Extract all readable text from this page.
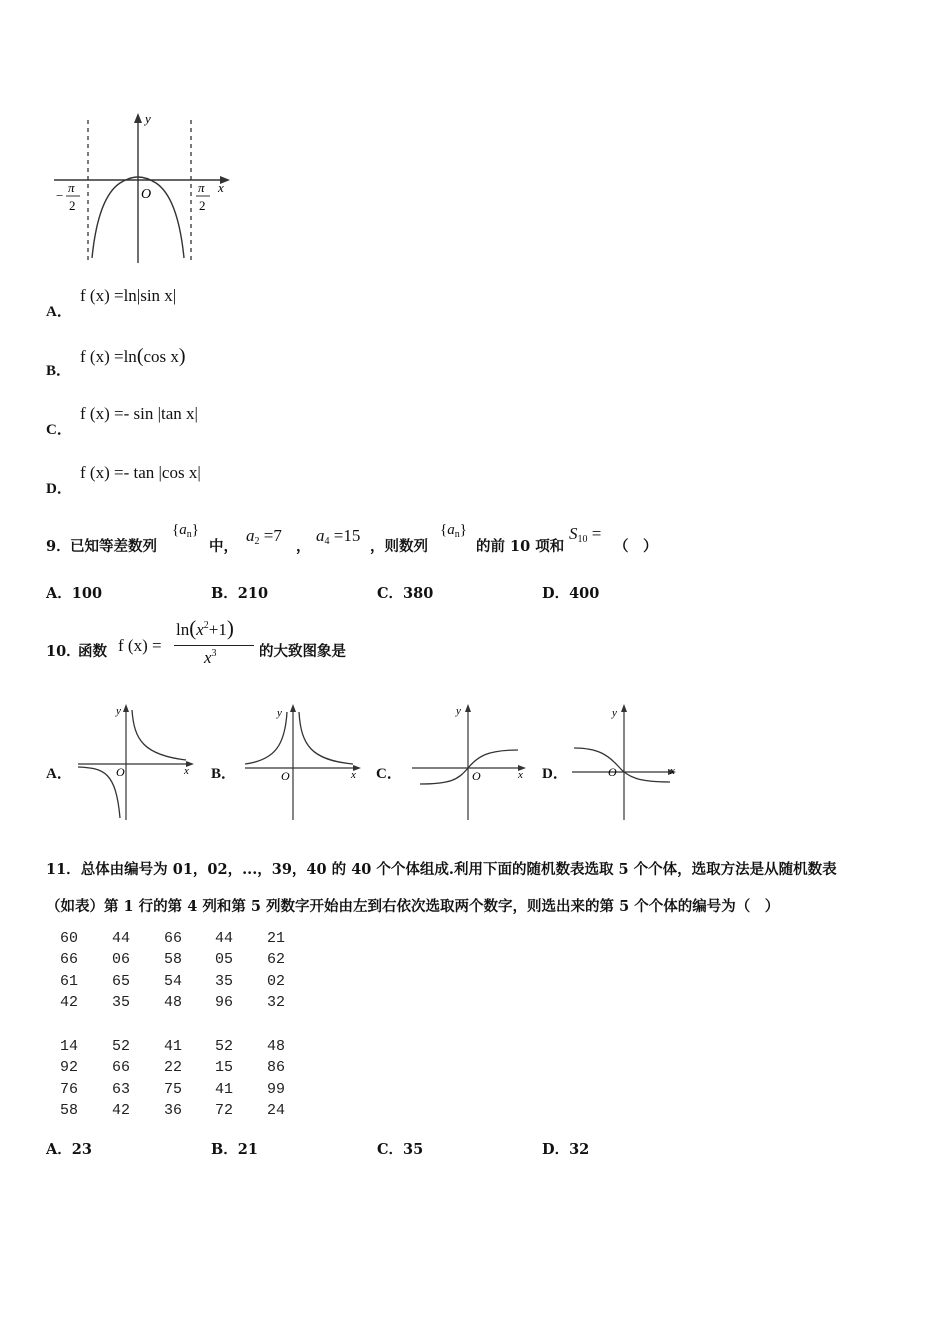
y
x
O
−
π
2
π
2
A．
f (x) =ln|sin x|
B．
f (x) =ln(cos x)
C．
f (x) =- sin |tan x|
D．
f (x) =- tan |cos x|
9． 已知等差数列
$\{a_n\}$
中，
$a_2 =7$
，
$a_4 =15$
，则数列
$\{a_n\}$
的前 10 项和
$S_{10}$ =
（　）
A．100	B．210	C．380	D．400
10．
函数 f (x) =
$\ln(x^2+1)$
$x^3$	的大致图象是
A．
y
x
O	B．
y
x
O	C．
y
x
O	D．
y
x
O
11．总体由编号为 01，02，...，39，40 的 40 个个体组成.利用下面的随机数表选取 5 个个体，选取方法是从随机数表
（如表）第 1 行的第 4 列和第 5 列数字开始由左到右依次选取两个数字，则选出来的第 5 个个体的编号为（　）
60	44	66	44	21
66	06	58	05	62
61	65	54	35	02
42	35	48	96	32
14	52	41	52	48
92	66	22	15	86
76	63	75	41	99
58	42	36	72	24
A．23	B．21	C．35	D．32
